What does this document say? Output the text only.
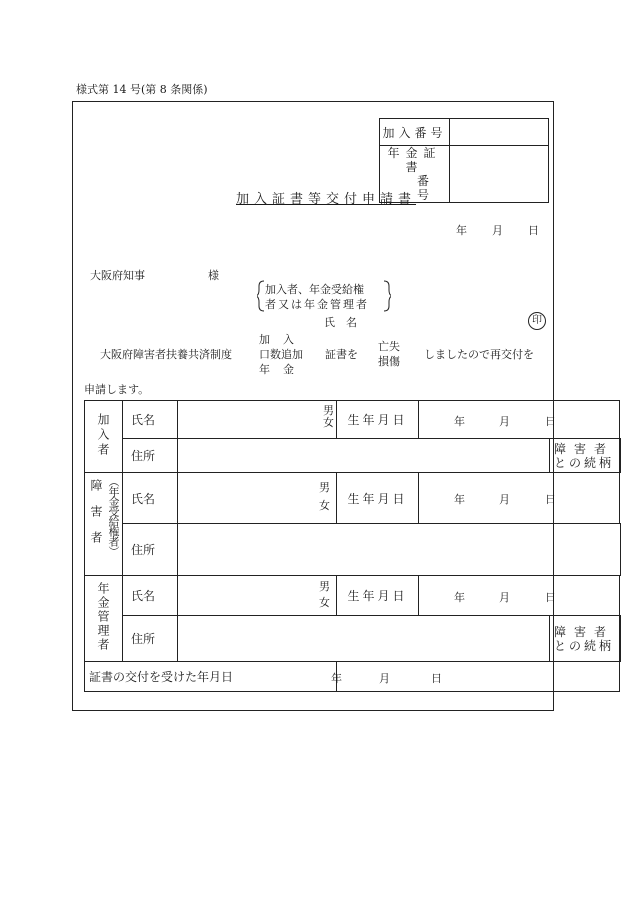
様式第 14 号(第 8 条関係)
加入番号	

年金証書
番　号	

加入証書等交付申請書
年 月 日
大阪府知事	様
加入者、年金受給権
者又は年金管理者
氏　名	印
大阪府障害者扶養共済制度
加　入
口数追加
年　金
証書を
亡失
損傷
しましたので再交付を
申請します。
加入者	氏名	男
女	生年月日	年 月 日		

	住所				障害者
との続柄	

障害者 （年金受給権者）	氏名	男
女	生年月日	年 月 日		

	住所					
年金管理者	氏名	男
女	生年月日	年 月 日		

	住所				障害者
との続柄	

証書の交付を受けた年月日			年 月 日			
